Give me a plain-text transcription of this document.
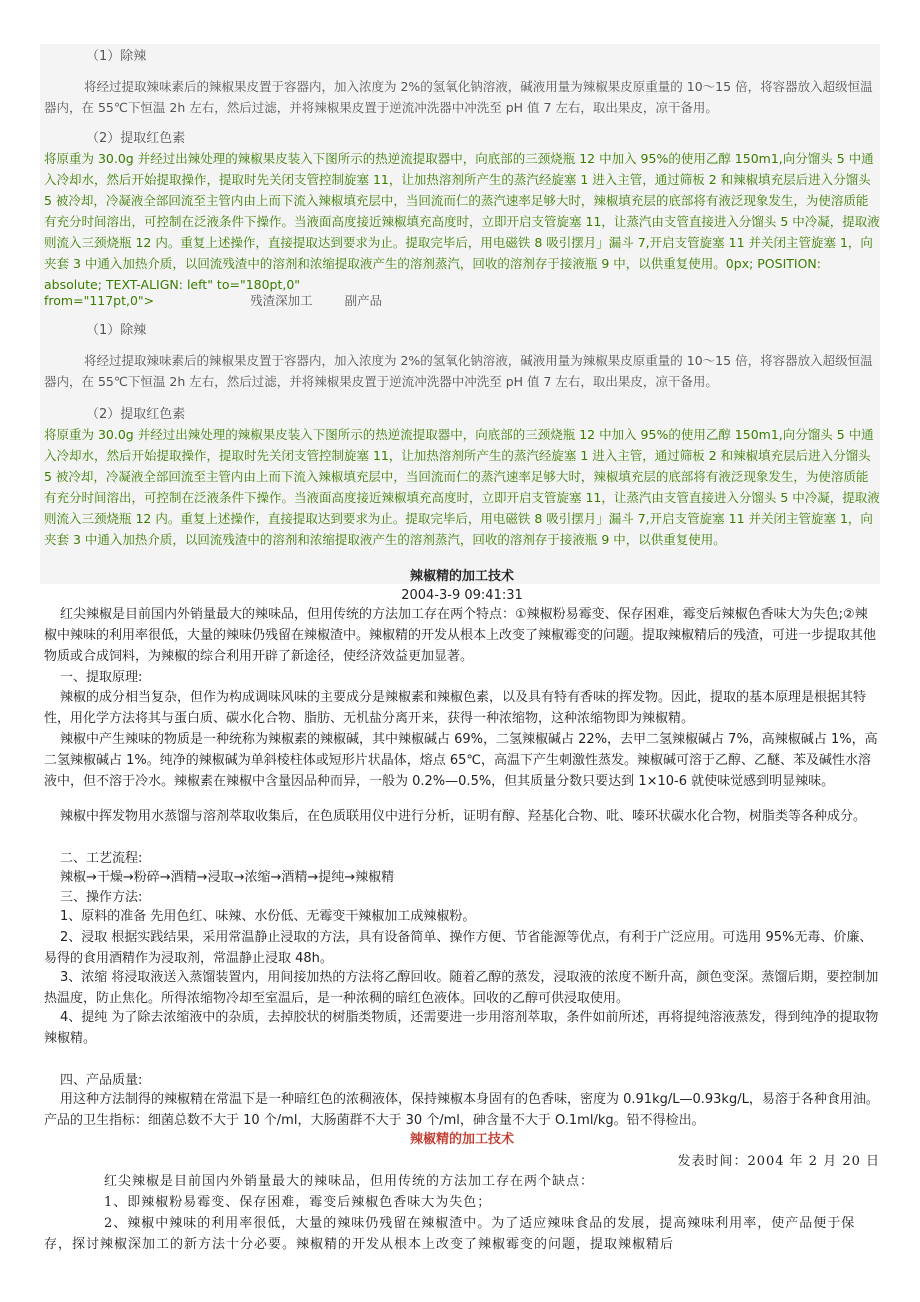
（1）除辣

将经过提取辣味素后的辣椒果皮置于容器内，加入浓度为 2%的氢氧化钠溶液，碱液用量为辣椒果皮原重量的 10～15 倍，将容器放入超级恒温器内，在 55℃下恒温 2h 左右，然后过滤，并将辣椒果皮置于逆流冲洗器中冲洗至 pH 值 7 左右，取出果皮，凉干备用。

（2）提取红色素

将原重为 30.0g 并经过出辣处理的辣椒果皮装入下图所示的热逆流提取器中，向底部的三颈烧瓶 12 中加入 95%的使用乙醇 150m1,向分馏头 5 中通入冷却水，然后开始提取操作，提取时先关闭支管控制旋塞 11，让加热溶剂所产生的蒸汽经旋塞 1 进入主管，通过筛板 2 和辣椒填充层后进入分馏头 5 被冷却，冷凝液全部回流至主管内由上而下流入辣椒填充层中，当回流而仁的蒸汽速率足够大时，辣椒填充层的底部将有液泛现象发生，为使溶质能有充分时间溶出，可控制在泛液条件下操作。当液面高度接近辣椒填充高度时，立即开启支管旋塞 11，让蒸汽由支管直接进入分馏头 5 中冷凝，提取液则流入三颈烧瓶 12 内。重复上述操作，直接提取达到要求为止。提取完毕后，用电磁铁 8 吸引摆月」漏斗 7,开启支管旋塞 11 并关闭主管旋塞 1，向夹套 3 中通入加热介质，以回流残渣中的溶剂和浓缩提取液产生的溶剂蒸汽，回收的溶剂存于接液瓶 9 中，以供重复使用。0px; POSITION: absolute; TEXT-ALIGN: left" to="180pt,0"

from="117pt,0">	残渣深加工	副产品

（1）除辣

将经过提取辣味素后的辣椒果皮置于容器内，加入浓度为 2%的氢氧化钠溶液，碱液用量为辣椒果皮原重量的 10～15 倍，将容器放入超级恒温器内，在 55℃下恒温 2h 左右，然后过滤，并将辣椒果皮置于逆流冲洗器中冲洗至 pH 值 7 左右，取出果皮，凉干备用。

（2）提取红色素

将原重为 30.0g 并经过出辣处理的辣椒果皮装入下图所示的热逆流提取器中，向底部的三颈烧瓶 12 中加入 95%的使用乙醇 150m1,向分馏头 5 中通入冷却水，然后开始提取操作，提取时先关闭支管控制旋塞 11，让加热溶剂所产生的蒸汽经旋塞 1 进入主管，通过筛板 2 和辣椒填充层后进入分馏头 5 被冷却，冷凝液全部回流至主管内由上而下流入辣椒填充层中，当回流而仁的蒸汽速率足够大时，辣椒填充层的底部将有液泛现象发生，为使溶质能有充分时间溶出，可控制在泛液条件下操作。当液面高度接近辣椒填充高度时，立即开启支管旋塞 11，让蒸汽由支管直接进入分馏头 5 中冷凝，提取液则流入三颈烧瓶 12 内。重复上述操作，直接提取达到要求为止。提取完毕后，用电磁铁 8 吸引摆月」漏斗 7,开启支管旋塞 11 并关闭主管旋塞 1，向夹套 3 中通入加热介质，以回流残渣中的溶剂和浓缩提取液产生的溶剂蒸汽，回收的溶剂存于接液瓶 9 中，以供重复使用。

辣椒精的加工技术

2004-3-9 09:41:31

红尖辣椒是目前国内外销量最大的辣味品，但用传统的方法加工存在两个特点：①辣椒粉易霉变、保存困难，霉变后辣椒色香味大为失色;②辣椒中辣味的利用率很低，大量的辣味仍残留在辣椒渣中。辣椒精的开发从根本上改变了辣椒霉变的问题。提取辣椒精后的残渣，可进一步提取其他物质或合成饲料，为辣椒的综合利用开辟了新途径，使经济效益更加显著。

一、提取原理:

辣椒的成分相当复杂，但作为构成调味风味的主要成分是辣椒素和辣椒色素，以及具有特有香味的挥发物。因此，提取的基本原理是根据其特性，用化学方法将其与蛋白质、碳水化合物、脂肪、无机盐分离开来，获得一种浓缩物，这种浓缩物即为辣椒精。

辣椒中产生辣味的物质是一种统称为辣椒素的辣椒碱，其中辣椒碱占 69%，二氢辣椒碱占 22%，去甲二氢辣椒碱占 7%，高辣椒碱占 1%，高二氢辣椒碱占 1%。纯净的辣椒碱为单斜棱柱体或短形片状晶体，熔点 65℃，高温下产生刺激性蒸发。辣椒碱可溶于乙醇、乙醚、苯及碱性水溶液中，但不溶于冷水。辣椒素在辣椒中含量因品种而异，一般为 0.2%—0.5%，但其质量分数只要达到 1×10-6 就使味觉感到明显辣味。

辣椒中挥发物用水蒸馏与溶剂萃取收集后，在色质联用仪中进行分析，证明有醇、羟基化合物、吡、嗪环状碳水化合物，树脂类等各种成分。

二、工艺流程:

辣椒→干燥→粉碎→酒精→浸取→浓缩→酒精→提纯→辣椒精

三、操作方法:

1、原料的准备 先用色红、味辣、水份低、无霉变干辣椒加工成辣椒粉。

2、浸取 根据实践结果，采用常温静止浸取的方法，具有设备简单、操作方便、节省能源等优点，有利于广泛应用。可选用 95%无毒、价廉、易得的食用酒精作为浸取剂，常温静止浸取 48h。

3、浓缩 将浸取液送入蒸馏装置内，用间接加热的方法将乙醇回收。随着乙醇的蒸发，浸取液的浓度不断升高，颜色变深。蒸馏后期，要控制加热温度，防止焦化。所得浓缩物冷却至室温后，是一种浓稠的暗红色液体。回收的乙醇可供浸取使用。

4、提纯 为了除去浓缩液中的杂质，去掉胶状的树脂类物质，还需要进一步用溶剂萃取，条件如前所述，再将提纯溶液蒸发，得到纯净的提取物辣椒精。

四、产品质量:

用这种方法制得的辣椒精在常温下是一种暗红色的浓稠液体，保持辣椒本身固有的色香味，密度为 0.91kg/L—0.93kg/L，易溶于各种食用油。产品的卫生指标：细菌总数不大于 10 个/ml，大肠菌群不大于 30 个/ml，砷含量不大于 O.1ml/kg。铅不得检出。

辣椒精的加工技术

发表时间：2004 年 2 月 20 日

红尖辣椒是目前国内外销量最大的辣味品，但用传统的方法加工存在两个缺点：

1、即辣椒粉易霉变、保存困难，霉变后辣椒色香味大为失色；

2、辣椒中辣味的利用率很低，大量的辣味仍残留在辣椒渣中。为了适应辣味食品的发展，提高辣味利用率，使产品便于保存，探讨辣椒深加工的新方法十分必要。辣椒精的开发从根本上改变了辣椒霉变的问题，提取辣椒精后
